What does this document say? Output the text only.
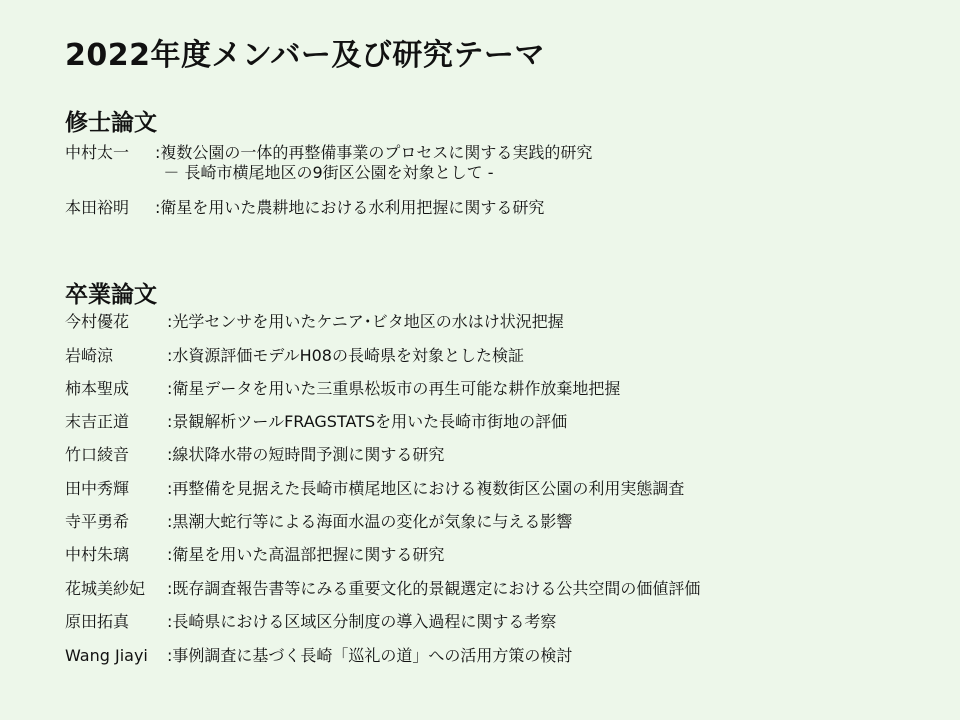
2022年度メンバー及び研究テーマ
修士論文
中村太一 :複数公園の一体的再整備事業のプロセスに関する実践的研究
－ 長崎市横尾地区の9街区公園を対象として -
本田裕明 :衛星を用いた農耕地における水利用把握に関する研究
卒業論文
今村優花 :光学センサを用いたケニア･ビタ地区の水はけ状況把握
岩崎涼	:水資源評価モデルH08の長崎県を対象とした検証
柿本聖成 :衛星データを用いた三重県松坂市の再生可能な耕作放棄地把握
末吉正道 :景観解析ツールFRAGSTATSを用いた長崎市街地の評価
竹口綾音 :線状降水帯の短時間予測に関する研究
田中秀輝 :再整備を見据えた長崎市横尾地区における複数街区公園の利用実態調査
寺平勇希 :黒潮大蛇行等による海面水温の変化が気象に与える影響
中村朱璃 :衛星を用いた高温部把握に関する研究
花城美紗妃 :既存調査報告書等にみる重要文化的景観選定における公共空間の価値評価
原田拓真 :長崎県における区域区分制度の導入過程に関する考察
Wang Jiayi :事例調査に基づく長崎「巡礼の道」への活用方策の検討
